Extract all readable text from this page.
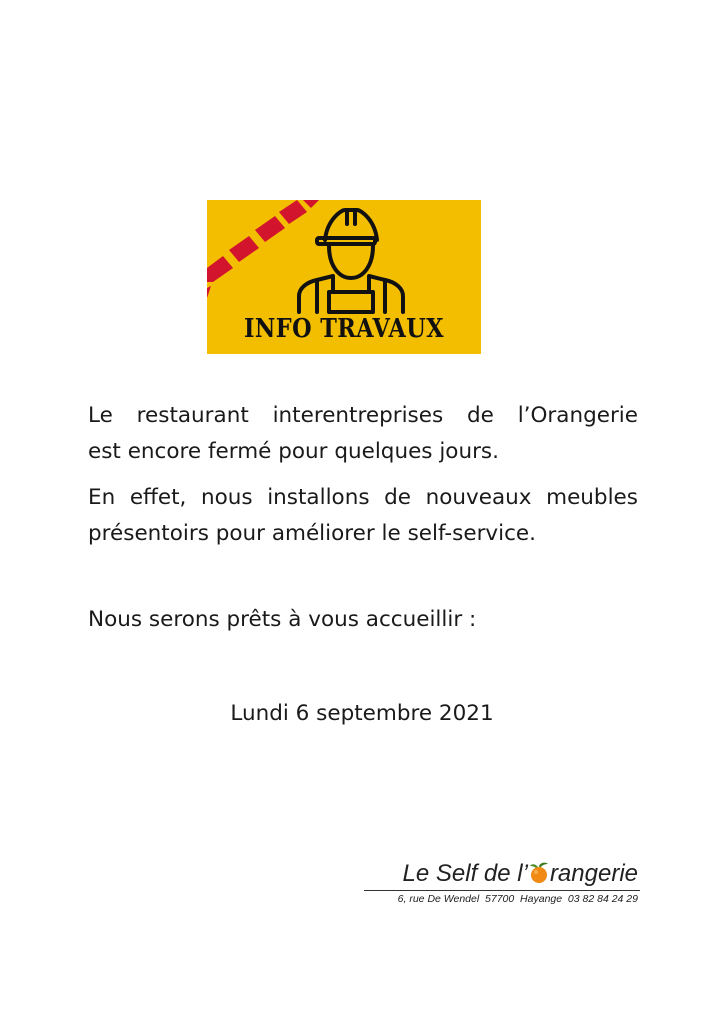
INFO TRAVAUX

Le restaurant interentreprises de l’Orangerie
est encore fermé pour quelques jours.

En effet, nous installons de nouveaux meubles
présentoirs pour améliorer le self-service.

Nous serons prêts à vous accueillir :

Lundi 6 septembre 2021
Le Self de l’ rangerie
6, rue De Wendel  57700  Hayange  03 82 84 24 29
